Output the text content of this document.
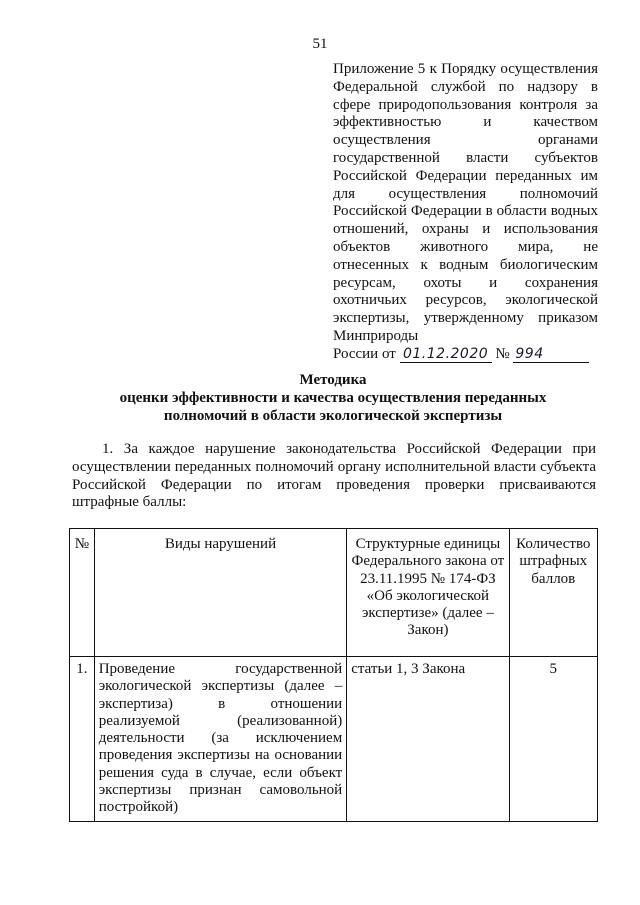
51
Приложение 5 к Порядку осуществления Федеральной службой по надзору в сфере природопользования контроля за эффективностью и качеством осуществления органами государственной власти субъектов Российской Федерации переданных им для осуществления полномочий Российской Федерации в области водных отношений, охраны и использования объектов животного мира, не отнесенных к водным биологическим ресурсам, охоты и сохранения охотничьих ресурсов, экологической экспертизы, утвержденному приказом Минприроды
России от 01.12.2020 № 994
Методика
оценки эффективности и качества осуществления переданных
полномочий в области экологической экспертизы
1. За каждое нарушение законодательства Российской Федерации при осуществлении переданных полномочий органу исполнительной власти субъекта Российской Федерации по итогам проведения проверки присваиваются штрафные баллы:
№	Виды нарушений	Структурные единицы Федерального закона от 23.11.1995 № 174-ФЗ «Об экологической экспертизе» (далее – Закон)	Количество штрафных баллов
1.	Проведение государственной экологической экспертизы (далее – экспертиза) в отношении реализуемой (реализованной) деятельности (за исключением проведения экспертизы на основании решения суда в случае, если объект экспертизы признан самовольной постройкой)	статьи 1, 3 Закона	5
